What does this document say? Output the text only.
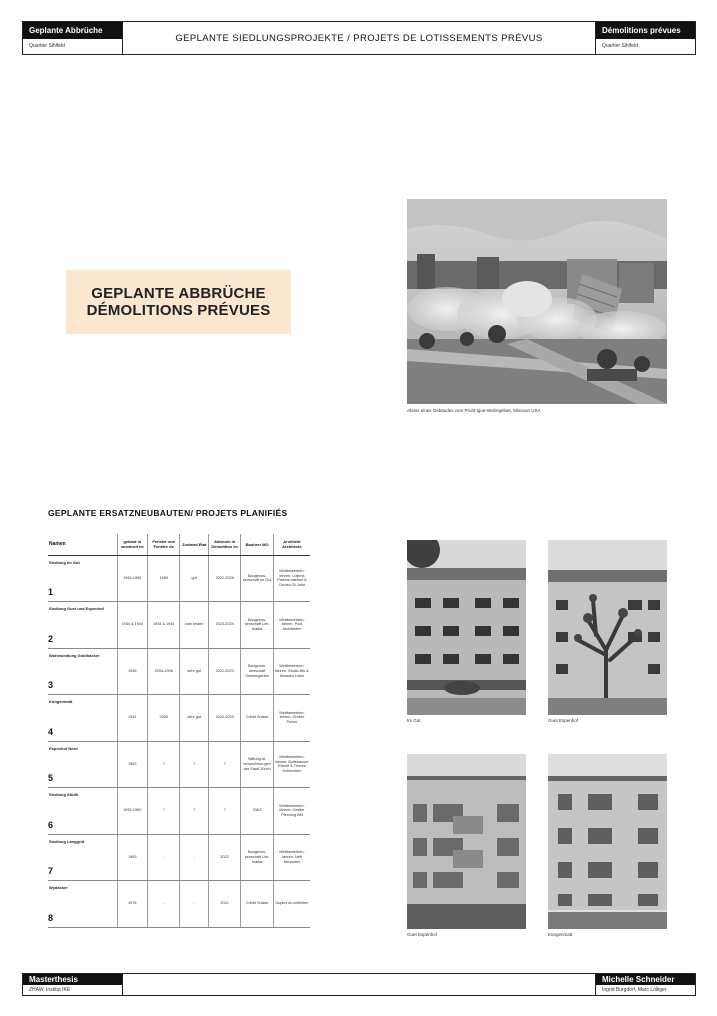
Geplante Abbrüche
Quartier Sihlfeld
GEPLANTE SIEDLUNGSPROJEKTE / PROJETS DE LOTISSEMENTS PRÉVUS
Démolitions prévues
Quartier Sihlfeld
GEPLANTE ABBRÜCHE
DÉMOLITIONS PRÉVUES
Abriss eines Gebäudes vom Pruitt-Igoe-Wohngebiet, Missouri USA
GEPLANTE ERSATZNEUBAUTEN/ PROJETS PLANIFIÉS
Namen	gebaut in construit en	Fenster von Fenêtre de	Zustand État	Abbruch in Démolition en	Bauherr MO	Architekt Architecte

Siedlung im Gut
1	1945-1955	1989	gut	2022-2028	Baugenos-senschaft im Gut	Wettbewerben-fahren: Lütjens Padma-nabhan & Caruso-St-John

Siedlung Guet und Espenhof
2	1934 & 1944	1934 & 1944	zum testen	2023-2024	Baugenos-senschaft Lim-mattal	Wettbewerben-fahren: Pool Architekten

Wohnsiedlung Goldhacker
3	1948	2004-2006	sehr gut	2022-2023	Baugenos-senschaft Sonnengarten	Wettbewerben-fahren: Studio.Bik & Amadeo Linke

Küngenmatt
4	1941	2005	sehr gut	2024-2025	Crédit Suisse	Wettbewerben-fahren: Graber Pulver

Espenhof Nord
5	1963	?	?	?	Stiftung Al-terswohnun-gen der Stadt Zürich	Wettbewerben-fahren: Boltshauser Eberle & Theres Hollenstein

Siedlung Stüdli
6	1932-1960	?	?	?	GWZ	Wettbewerben-fahren: Gesiter Pfenning BM

Siedlung Langgrüt
7	1963	-	-	2022	Baugenos-senschaft Lim-mattal	Wettbewerben-fahren: Neff Neumann

Wydäcker
8	1976	-	-	2021	Crédit Suisse	Duplex Ar-chitekten
Im Gut	Guet Espenhof
Guet Espenhof	Küngenmatt
Masterthesis
ZHAW, Institut IKE
Michelle Schneider
Ingrid Burgdorf, Marc Lölliger
